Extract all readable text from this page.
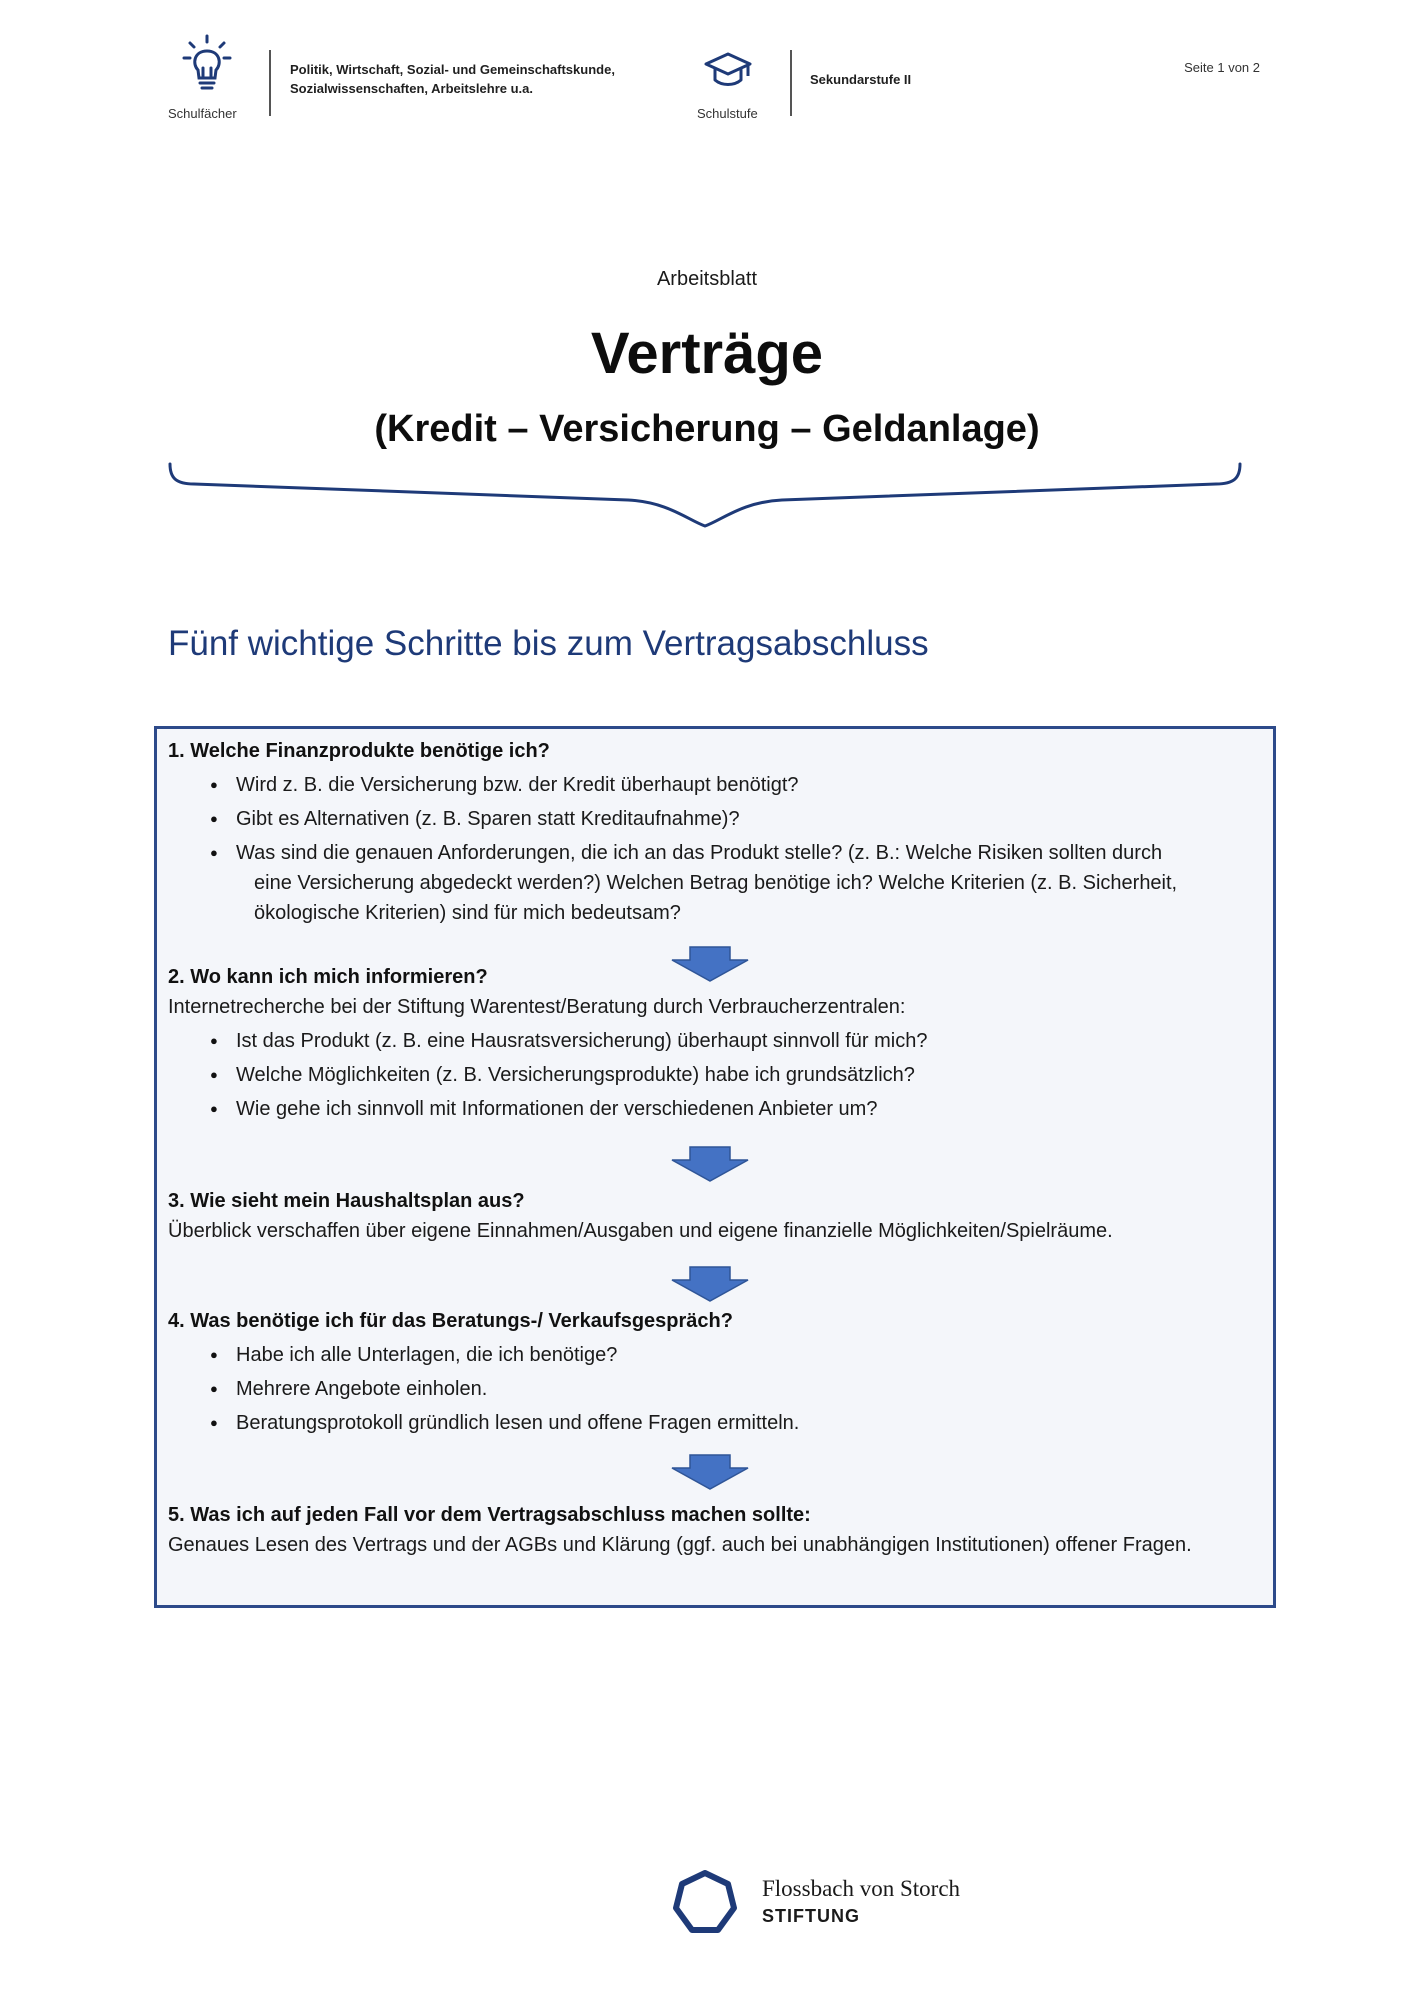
Schulfächer
Politik, Wirtschaft, Sozial- und Gemeinschaftskunde,
Sozialwissenschaften, Arbeitslehre u.a.
Schulstufe
Sekundarstufe II
Seite 1 von 2
Arbeitsblatt
Verträge
(Kredit – Versicherung – Geldanlage)
Fünf wichtige Schritte bis zum Vertragsabschluss
1. Welche Finanzprodukte benötige ich?
● Wird z. B. die Versicherung bzw. der Kredit überhaupt benötigt?
● Gibt es Alternativen (z. B. Sparen statt Kreditaufnahme)?
● Was sind die genauen Anforderungen, die ich an das Produkt stelle? (z. B.: Welche Risiken sollten durch
eine Versicherung abgedeckt werden?) Welchen Betrag benötige ich? Welche Kriterien (z. B. Sicherheit,
ökologische Kriterien) sind für mich bedeutsam?
2. Wo kann ich mich informieren?
Internetrecherche bei der Stiftung Warentest/Beratung durch Verbraucherzentralen:
● Ist das Produkt (z. B. eine Hausratsversicherung) überhaupt sinnvoll für mich?
● Welche Möglichkeiten (z. B. Versicherungsprodukte) habe ich grundsätzlich?
● Wie gehe ich sinnvoll mit Informationen der verschiedenen Anbieter um?
3. Wie sieht mein Haushaltsplan aus?
Überblick verschaffen über eigene Einnahmen/Ausgaben und eigene finanzielle Möglichkeiten/Spielräume.
4. Was benötige ich für das Beratungs-/ Verkaufsgespräch?
● Habe ich alle Unterlagen, die ich benötige?
● Mehrere Angebote einholen.
● Beratungsprotokoll gründlich lesen und offene Fragen ermitteln.
5. Was ich auf jeden Fall vor dem Vertragsabschluss machen sollte:
Genaues Lesen des Vertrags und der AGBs und Klärung (ggf. auch bei unabhängigen Institutionen) offener Fragen.
Flossbach von Storch
STIFTUNG
